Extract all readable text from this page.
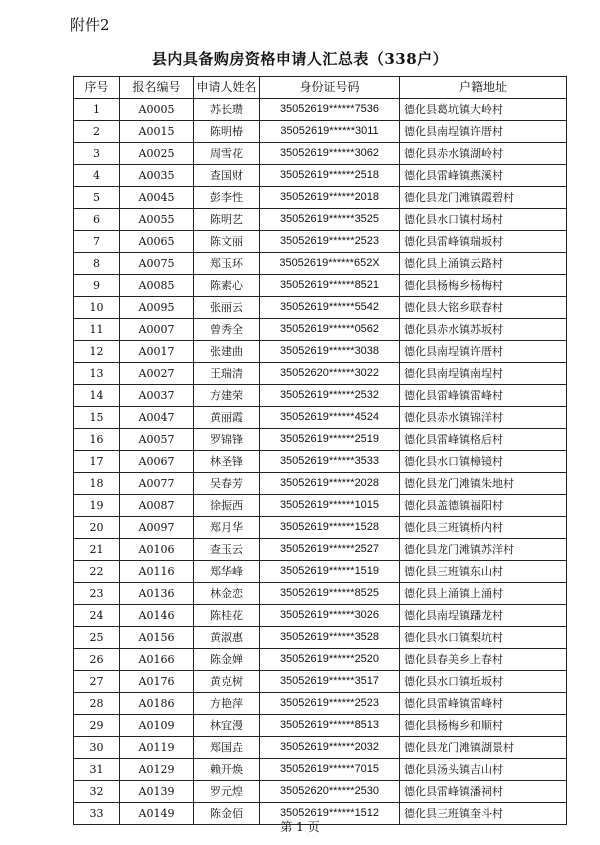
附件2
县内具备购房资格申请人汇总表（338户）
序号	报名编号	申请人姓名	身份证号码	户籍地址
1	A0005	苏长瓒	35052619******7536	德化县葛坑镇大岭村
2	A0015	陈明椿	35052619******3011	德化县南埕镇许厝村
3	A0025	周雪花	35052619******3062	德化县赤水镇湖岭村
4	A0035	查国财	35052619******2518	德化县雷峰镇燕溪村
5	A0045	彭李性	35052619******2018	德化县龙门滩镇霞碧村
6	A0055	陈明艺	35052619******3525	德化县水口镇村场村
7	A0065	陈文丽	35052619******2523	德化县雷峰镇瑞坂村
8	A0075	郑玉环	35052619******652X	德化县上涌镇云路村
9	A0085	陈素心	35052619******8521	德化县杨梅乡杨梅村
10	A0095	张丽云	35052619******5542	德化县大铭乡联春村
11	A0007	曾秀全	35052619******0562	德化县赤水镇苏坂村
12	A0017	张建曲	35052619******3038	德化县南埕镇许厝村
13	A0027	王瑞清	35052620******3022	德化县南埕镇南埕村
14	A0037	方建荣	35052619******2532	德化县雷峰镇雷峰村
15	A0047	黄丽霞	35052619******4524	德化县赤水镇锦洋村
16	A0057	罗锦锋	35052619******2519	德化县雷峰镇格后村
17	A0067	林圣锋	35052619******3533	德化县水口镇樟镜村
18	A0077	吴春芳	35052619******2028	德化县龙门滩镇朱地村
19	A0087	徐振西	35052619******1015	德化县盖德镇福阳村
20	A0097	郑月华	35052619******1528	德化县三班镇桥内村
21	A0106	查玉云	35052619******2527	德化县龙门滩镇苏洋村
22	A0116	郑华峰	35052619******1519	德化县三班镇东山村
23	A0136	林金恋	35052619******8525	德化县上涌镇上涌村
24	A0146	陈桂花	35052619******3026	德化县南埕镇蹯龙村
25	A0156	黄淑惠	35052619******3528	德化县水口镇梨坑村
26	A0166	陈金婵	35052619******2520	德化县春美乡上春村
27	A0176	黄克树	35052619******3517	德化县水口镇坵坂村
28	A0186	方艳萍	35052619******2523	德化县雷峰镇雷峰村
29	A0109	林宜漫	35052619******8513	德化县杨梅乡和顺村
30	A0119	郑国垚	35052619******2032	德化县龙门滩镇湖景村
31	A0129	赖开焕	35052619******7015	德化县汤头镇吉山村
32	A0139	罗元煌	35052620******2530	德化县雷峰镇潘祠村
33	A0149	陈金佰	35052619******1512	德化县三班镇奎斗村
第 1 页
